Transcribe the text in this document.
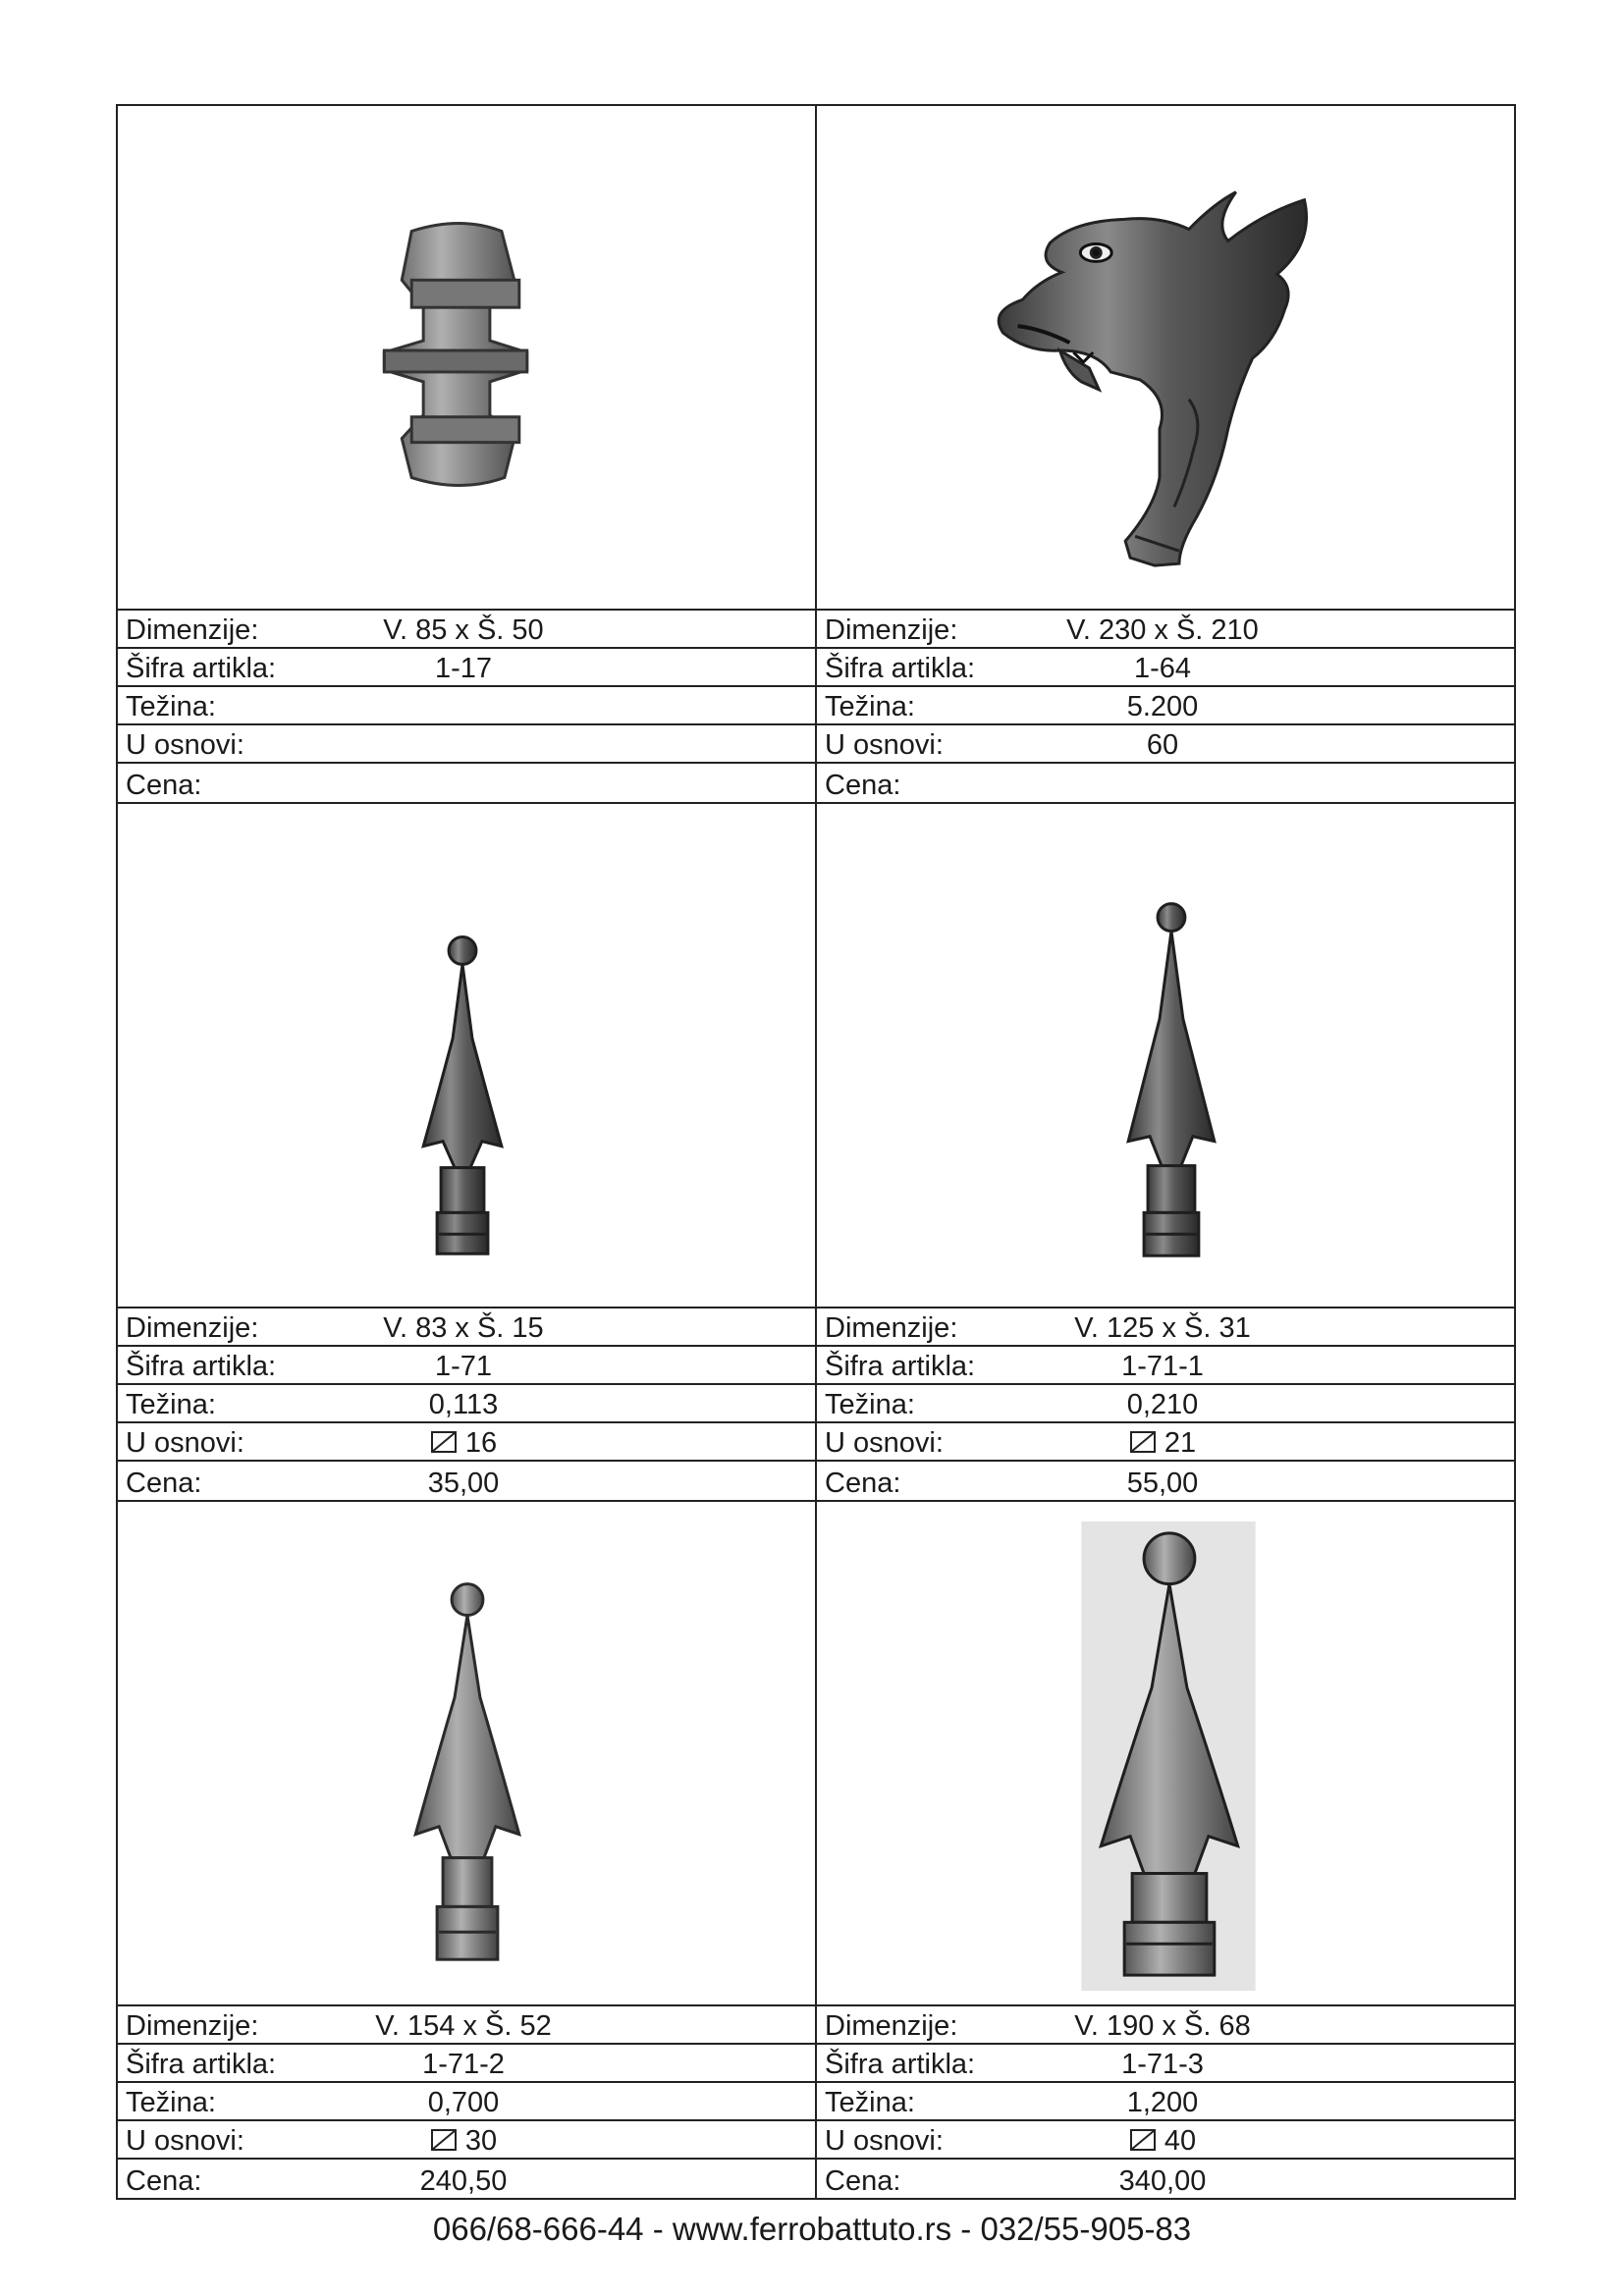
Dimenzije:	V. 85 x Š. 50
Šifra artikla:	1-17
Težina:
U osnovi:
Cena:
Dimenzije:	V. 230 x Š. 210
Šifra artikla:	1-64
Težina:	5.200
U osnovi:	60
Cena:
Dimenzije:	V. 83 x Š. 15
Šifra artikla:	1-71
Težina:	0,113
U osnovi:	16
Cena:	35,00
Dimenzije:	V. 125 x Š. 31
Šifra artikla:	1-71-1
Težina:	0,210
U osnovi:	21
Cena:	55,00
Dimenzije:	V. 154 x Š. 52
Šifra artikla:	1-71-2
Težina:	0,700
U osnovi:	30
Cena:	240,50
Dimenzije:	V. 190 x Š. 68
Šifra artikla:	1-71-3
Težina:	1,200
U osnovi:	40
Cena:	340,00
066/68-666-44 - www.ferrobattuto.rs - 032/55-905-83
